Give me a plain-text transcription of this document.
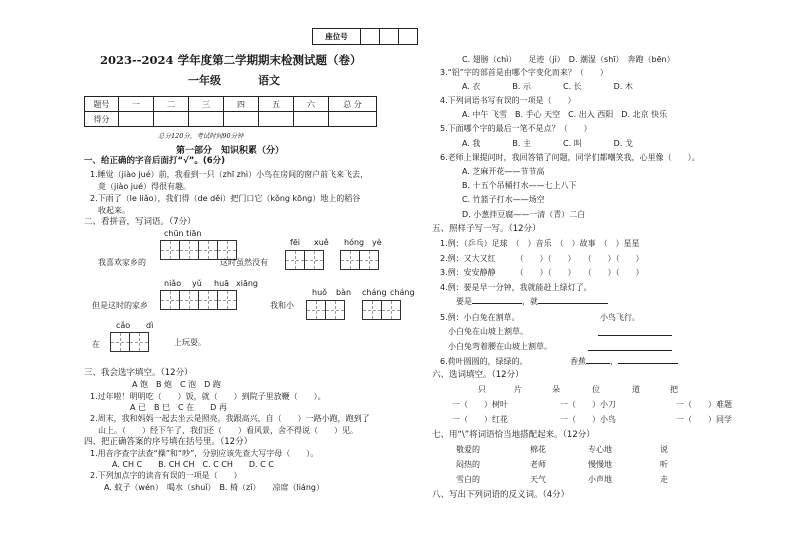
座位号			
2023--2024 学年度第二学期期末检测试题（卷）
一年级	语文
题号	一	二	三	四	五	六	总 分
得分							
总分120分，考试时间90分钟
第一部分　知识积累（分）
一、给正确的字音后面打“√”。(6分)
1.睡觉（jiào jué）前，我看到一只（zhī zhì）小鸟在房间的窗户前飞来飞去，
　竟（jiào jué）得很有趣。
2.下雨了（le liǎo），我们得（de děi）把门口它（kǒng kōng）地上的稻谷
　收起来。
二、看拼音，写词语。（7分）
chūn tiān
我喜欢家乡的	这时虽然没有
fēi xuě hóng yè
niǎo yǔ huā xiāng
但是这时的家乡	我和小
huǒ bàn cháng cháng
cǎo dì
在	上玩耍。
三、我会选字填空。（12分）
A 饱　B 炮　C 泡　D 跑
1.过年啦！明明吃（　　）饭，就（　　）到院子里放鞭（　　）。
A 已　B 巳　C 在　　D 再
2.周末，我和妈妈一起去坐云是照亮，我跟高兴，自（　　）一路小跑，跑到了
　山上。（　　）经下午了，我们还（　　）看风景，舍不得说（　　）见。
四、把正确答案的序号填在括号里。（12分）
1.用音序查字法查“操”和“吵”，分别应该先查大写字母（　　）。
A. CH C　　B. CH CH　C. C CH　　D. C C
2.下列加点字的读音有误的一项是（　　）
A. 蚊子（wén）　喝水（shuǐ）　B. 椅（zǐ）　　凉席（liáng）
C. 翅膀（chì）　　足迹（jì）　D. 潮湿（shī）　奔跑（bēn）
3.“铝”字的部首是由哪个字变化而来？（　　）
A. 衣　　　　B. 示　　　　C. 长　　　　D. 木
4.下列词语书写有误的一项是（　　）
A. 中午 飞雪　B. 手心 天空　C. 出入 西阳　D. 北京 快乐
5.下面哪个字的最后一笔不是点？（　　）
A. 我　　　　B. 主　　　　C. 叫　　　　D. 戈
6.老师上课提问时，我回答错了问题，同学们都嘲笑我，心里像（　　）。
A. 芝麻开花——节节高
B. 十五个吊桶打水——七上八下
C. 竹篮子打水——场空
D. 小葱拌豆腐——一清（青）二白
五、照样子写一写。（12分）
1.例：（乒乓）足球　（　）音乐　（　）故事　（　）星星
2.例：又大又红　　　（　　）（　　）　　（　　）（　　）
3.例：安安静静　　　（　　）（　　）　　（　　）（　　）
4.例：要是早一分钟，我就能赶上绿灯了。
要是	，就
5.例：小白兔在割草。	小鸟飞行。
小白兔在山坡上割草。
小白兔弯着腰在山坡上割草。
6.荷叶圆圆的，绿绿的。	香蕉	，
六、选词填空。（12分）
只	片	朵	位	道	把
一（　　）树叶	一（　　）小刀	一（　　）难题
一（　　）红花	一（　　）小鸟	一（　　）同学
七、用“\”将词语恰当地搭配起来。（12分）
敬爱的	棉花	专心地	说
闷热的	老师	慢慢地	听
雪白的	天气	小声地	走
八、写出下列词语的反义词。（4分）
